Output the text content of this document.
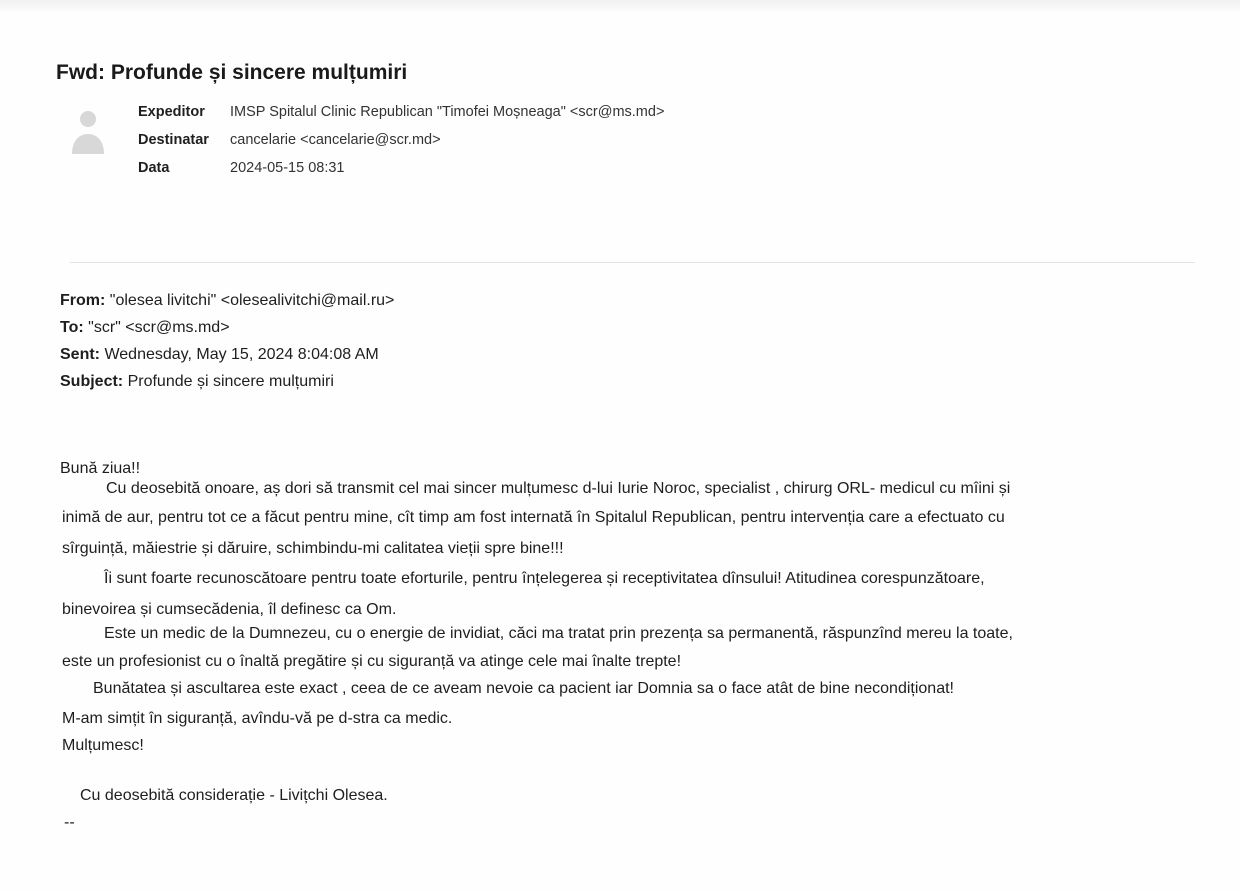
Fwd: Profunde și sincere mulțumiri
Expeditor IMSP Spitalul Clinic Republican "Timofei Moșneaga" <scr@ms.md>
Destinatar cancelarie <cancelarie@scr.md>
Data	2024-05-15 08:31
From: "olesea livitchi" <olesealivitchi@mail.ru>
To: "scr" <scr@ms.md>
Sent: Wednesday, May 15, 2024 8:04:08 AM
Subject: Profunde și sincere mulțumiri
Bună ziua!!
Cu deosebită onoare, aș dori să transmit cel mai sincer mulțumesc d-lui Iurie Noroc, specialist , chirurg ORL- medicul cu mîini și
inimă de aur, pentru tot ce a făcut pentru mine, cît timp am fost internată în Spitalul Republican, pentru intervenția care a efectuato cu
sîrguință, măiestrie și dăruire, schimbindu-mi calitatea vieții spre bine!!!
Îi sunt foarte recunoscătoare pentru toate eforturile, pentru înțelegerea și receptivitatea dînsului! Atitudinea corespunzătoare,
binevoirea și cumsecădenia, îl definesc ca Om.
Este un medic de la Dumnezeu, cu o energie de invidiat, căci ma tratat prin prezența sa permanentă, răspunzînd mereu la toate,
este un profesionist cu o înaltă pregătire și cu siguranță va atinge cele mai înalte trepte!
Bunătatea și ascultarea este exact , ceea de ce aveam nevoie ca pacient iar Domnia sa o face atât de bine necondiționat!
M-am simțit în siguranță, avîndu-vă pe d-stra ca medic.
Mulțumesc!
Cu deosebită considerație - Livițchi Olesea.
--
